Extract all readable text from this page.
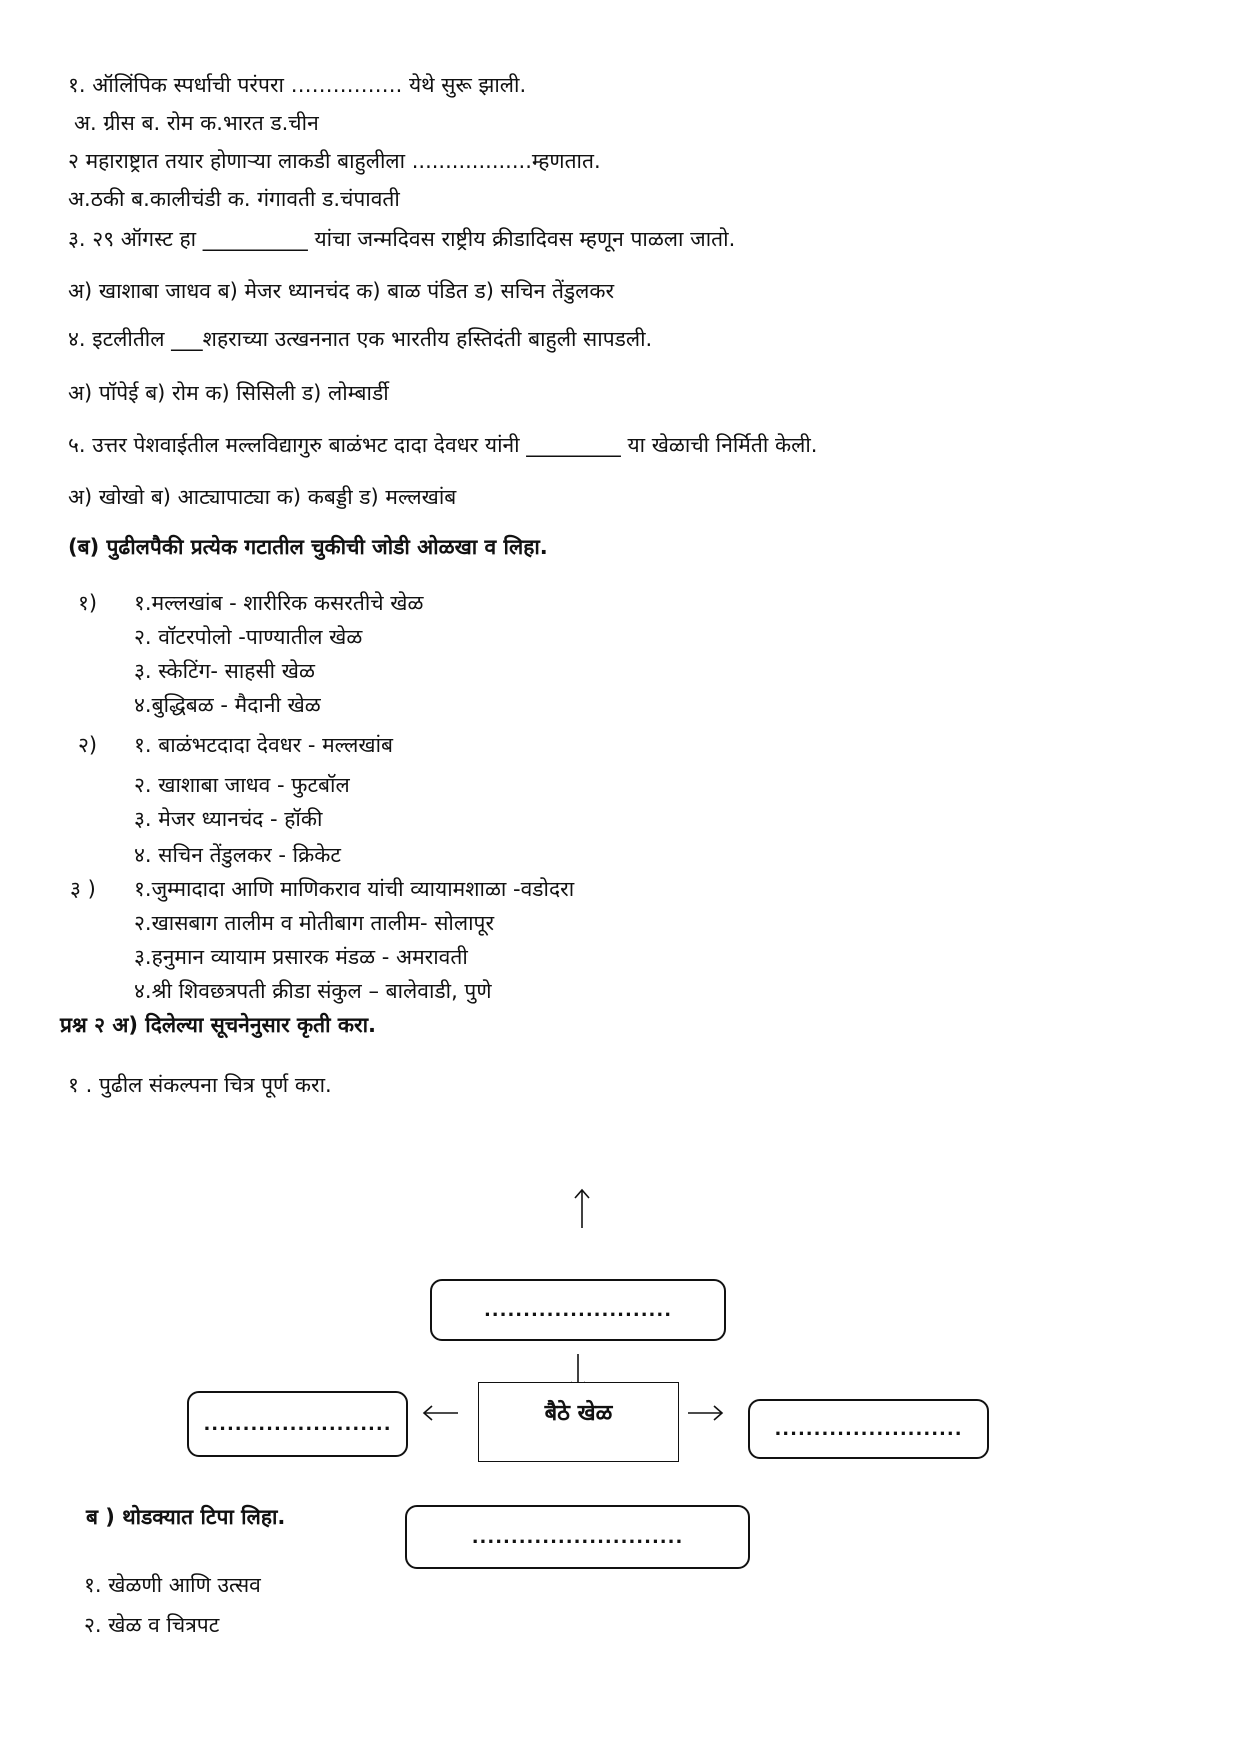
१. ऑलिंपिक स्पर्धाची परंपरा ……………. येथे सुरू झाली.
अ. ग्रीस ब. रोम क.भारत ड.चीन
२ महाराष्ट्रात तयार होणाऱ्या लाकडी बाहुलीला ..................म्हणतात.
अ.ठकी ब.कालीचंडी क. गंगावती ड.चंपावती
३. २९ ऑगस्ट हा __________ यांचा जन्मदिवस राष्ट्रीय क्रीडादिवस म्हणून पाळला जातो.
अ) खाशाबा जाधव ब) मेजर ध्यानचंद क) बाळ पंडित ड) सचिन तेंडुलकर
४. इटलीतील ___शहराच्या उत्खननात एक भारतीय हस्तिदंती बाहुली सापडली.
अ) पॉपेई ब) रोम क) सिसिली ड) लोम्बार्डी
५. उत्तर पेशवाईतील मल्लविद्यागुरु बाळंभट दादा देवधर यांनी _________ या खेळाची निर्मिती केली.
अ) खोखो ब) आट्यापाट्या क) कबड्डी ड) मल्लखांब
(ब) पुढीलपैकी प्रत्येक गटातील चुकीची जोडी ओळखा व लिहा.
१) १.मल्लखांब - शारीरिक कसरतीचे खेळ
२. वॉटरपोलो -पाण्यातील खेळ
३. स्केटिंग- साहसी खेळ
४.बुद्धिबळ - मैदानी खेळ
२) १. बाळंभटदादा देवधर - मल्लखांब
२. खाशाबा जाधव - फुटबॉल
३. मेजर ध्यानचंद - हॉकी
४. सचिन तेंडुलकर - क्रिकेट
३ ) १.जुम्मादादा आणि माणिकराव यांची व्यायामशाळा -वडोदरा
२.खासबाग तालीम व मोतीबाग तालीम- सोलापूर
३.हनुमान व्यायाम प्रसारक मंडळ - अमरावती
४.श्री शिवछत्रपती क्रीडा संकुल – बालेवाडी, पुणे
प्रश्न २ अ) दिलेल्या सूचनेनुसार कृती करा.
१ . पुढील संकल्पना चित्र पूर्ण करा.
........................
........................	बैठे खेळ
........................
...........................
ब ) थोडक्यात टिपा लिहा.
१. खेळणी आणि उत्सव
२. खेळ व चित्रपट
